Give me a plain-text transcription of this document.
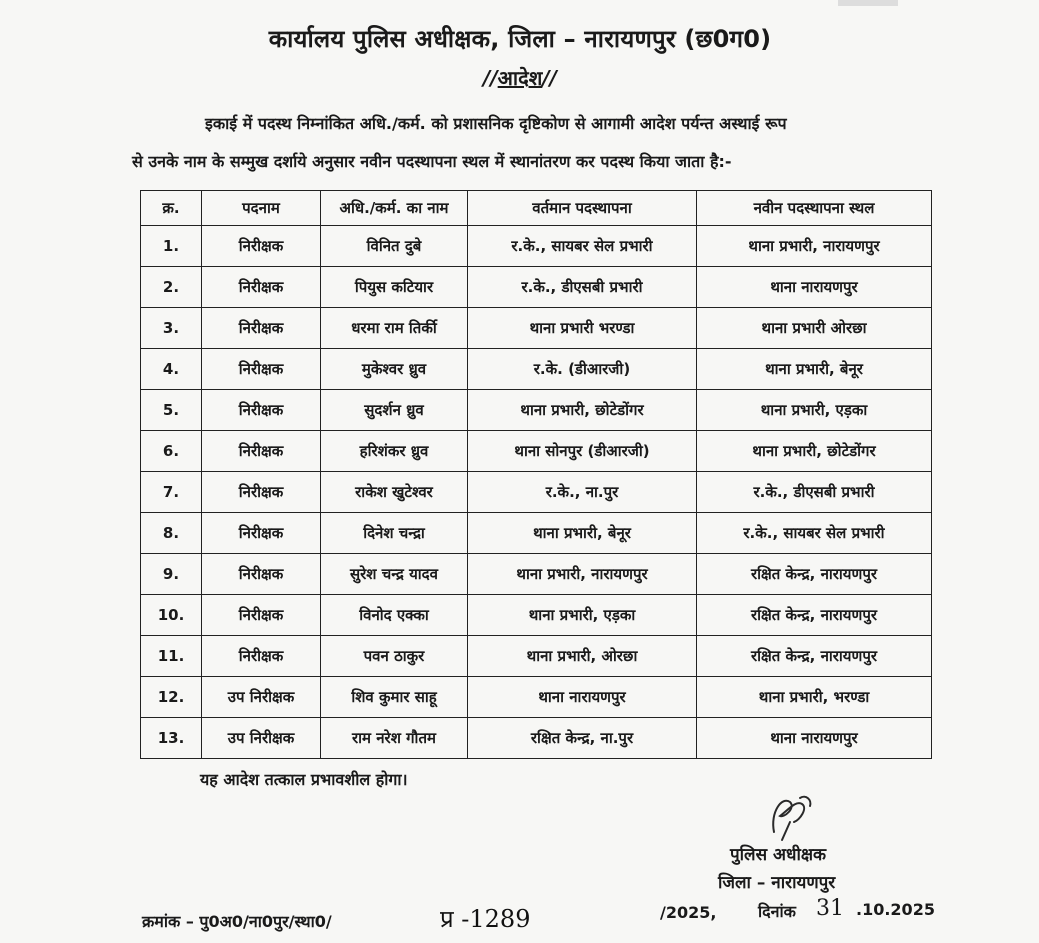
कार्यालय पुलिस अधीक्षक, जिला – नारायणपुर (छ0ग0)
//आदेश//
इकाई में पदस्थ निम्नांकित अधि./कर्म. को प्रशासनिक दृष्टिकोण से आगामी आदेश पर्यन्त अस्थाई रूप
से उनके नाम के सम्मुख दर्शाये अनुसार नवीन पदस्थापना स्थल में स्थानांतरण कर पदस्थ किया जाता है:-
क्र.	पदनाम	अधि./कर्म. का नाम	वर्तमान पदस्थापना	नवीन पदस्थापना स्थल
1.	निरीक्षक	विनित दुबे	र.के., सायबर सेल प्रभारी	थाना प्रभारी, नारायणपुर
2.	निरीक्षक	पियुस कटियार	र.के., डीएसबी प्रभारी	थाना नारायणपुर
3.	निरीक्षक	धरमा राम तिर्की	थाना प्रभारी भरण्डा	थाना प्रभारी ओरछा
4.	निरीक्षक	मुकेश्वर ध्रुव	र.के. (डीआरजी)	थाना प्रभारी, बेनूर
5.	निरीक्षक	सुदर्शन ध्रुव	थाना प्रभारी, छोटेडोंगर	थाना प्रभारी, एड़का
6.	निरीक्षक	हरिशंकर ध्रुव	थाना सोनपुर (डीआरजी)	थाना प्रभारी, छोटेडोंगर
7.	निरीक्षक	राकेश खुटेश्वर	र.के., ना.पुर	र.के., डीएसबी प्रभारी
8.	निरीक्षक	दिनेश चन्द्रा	थाना प्रभारी, बेनूर	र.के., सायबर सेल प्रभारी
9.	निरीक्षक	सुरेश चन्द्र यादव	थाना प्रभारी, नारायणपुर	रक्षित केन्द्र, नारायणपुर
10.	निरीक्षक	विनोद एक्का	थाना प्रभारी, एड़का	रक्षित केन्द्र, नारायणपुर
11.	निरीक्षक	पवन ठाकुर	थाना प्रभारी, ओरछा	रक्षित केन्द्र, नारायणपुर
12.	उप निरीक्षक	शिव कुमार साहू	थाना नारायणपुर	थाना प्रभारी, भरण्डा
13.	उप निरीक्षक	राम नरेश गौतम	रक्षित केन्द्र, ना.पुर	थाना नारायणपुर
यह आदेश तत्काल प्रभावशील होगा।
पुलिस अधीक्षक
जिला – नारायणपुर
क्रमांक – पु0अ0/ना0पुर/स्था0/	प्र -1289	/2025,	दिनांक 31 .10.2025
